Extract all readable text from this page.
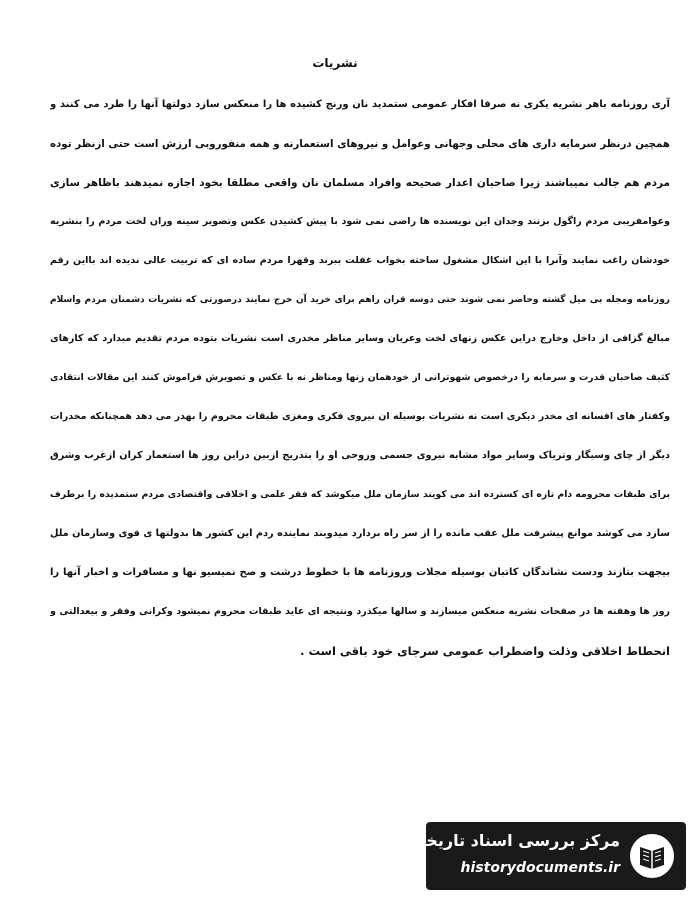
نشریات
آری روزنامه باهر نشریه یکری نه صرفا افکار عمومی ستمدید نان ورنج کشیده ها را منعکس سازد دولتها آنها را طرد می کنند و
همچین درنظر سرمایه داری های محلی وجهانی وعوامل و نیروهای استعمارنه و همه منفوروبی ارزش است حتی ازنظر توده
مردم هم جالب نمیباشند زیرا صاحبان اعدار صحیحه وافراد مسلمان نان واقعی مطلقا بخود اجازه نمیدهند باظاهر سازی
وعوامفریبی مردم راگول بزنند وجدان این نویسنده ها راضی نمی شود با پیش کشیدن عکس وتصویر سینه وران لخت مردم را بنشریه
خودشان راغب نمایند وآنرا با این اشکال مشغول ساخته بخواب غفلت ببرند وقهرا مردم ساده ای که تربیت عالی ندیده اند بااین رقم
روزنامه ومجله بی میل گشته وحاضر نمی شوند حتی دوسه قران راهم برای خرید آن خرج نمایند درصورتی که نشریات دشمنان مردم واسلام
مبالغ گزافی از داخل وخارج دراین عکس زنهای لخت وعریان وسایر مناظر مخدری است نشریات بتوده مردم تقدیم میدارد که کارهای
کثیف صاحبان قدرت و سرمایه را درخصوص شهوترانی از خودهمان زنها ومناظر نه با عکس و تصویرش فراموش کنند این مقالات انتقادی
وکفتار های افسانه ای مخدر دیکری است نه نشریات بوسیله ان نیروی فکری ومغزی طبقات محروم را بهدر می دهد همچنانکه مخدرات
دیگر از چای وسیگار وتریاک وسایر مواد مشابه نیروی جسمی وروحی او را بتدریج ازبین دراین روز ها استعمار کران ازغرب وشرق
برای طبقات محرومه دام تازه ای کسترده اند می کویند سازمان ملل میکوشد که فقر علمی و اخلاقی واقتصادی مردم ستمدیده را برطرف
سازد می کوشد موانع پیشرفت ملل عقب مانده را از سر راه بردارد میدوبند نماینده ردم این کشور ها بدولتها ی قوی وسازمان ملل
بیجهت بتازند ودست نشاندگان کاتبان بوسیله مجلات وروزنامه ها با خطوط درشت و صح نمیسیو نها و مسافرات و اخبار آنها را
روز ها وهفته ها در صفحات نشریه منعکس میسازند و سالها میکذرد ونتیجه ای عاید طبقات محروم نمیشود وکرانی وفقر و بیعدالتی و
انحطاط اخلاقی وذلت واضطراب عمومی سرجای خود باقی است .
مرکز بررسی اسناد تاریخی
historydocuments.ir
